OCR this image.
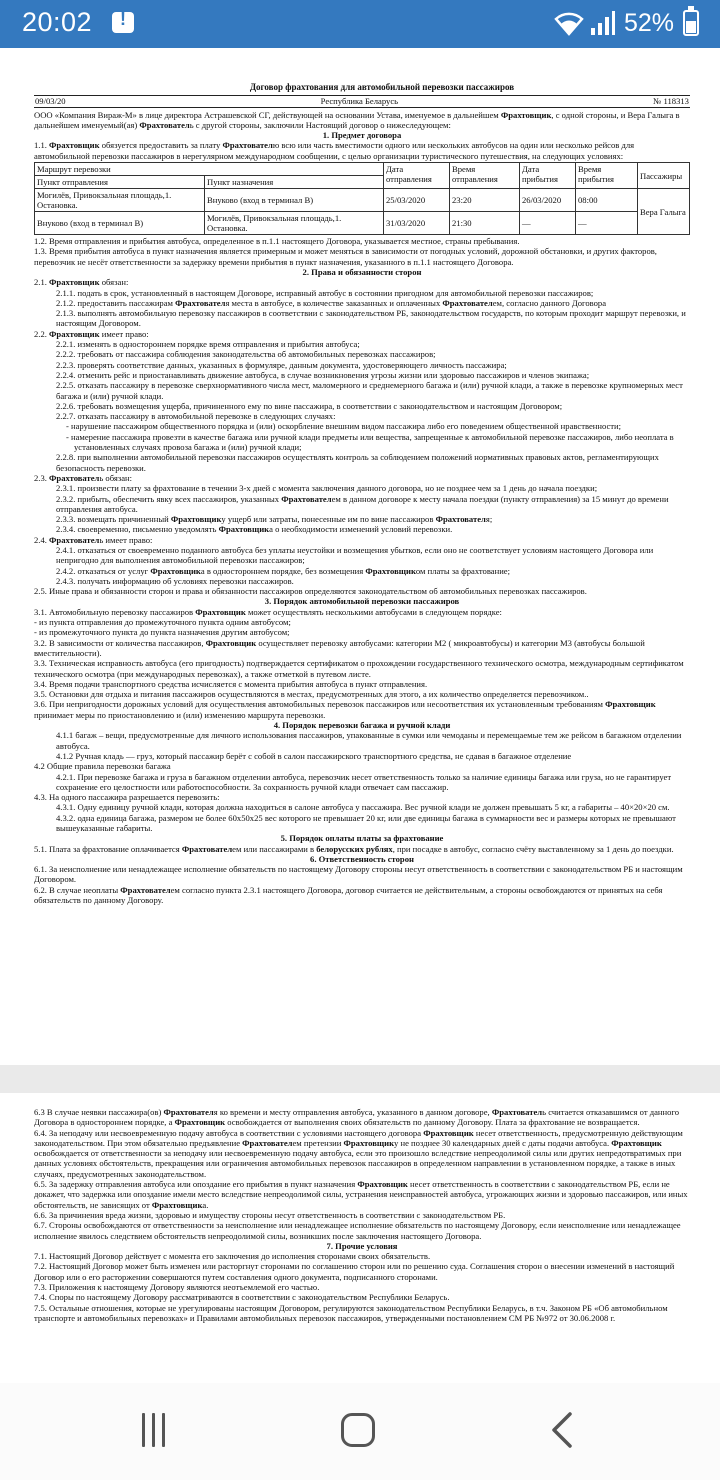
20:02 !	52%

Договор фрахтования для автомобильной перевозки пассажиров

09/03/20	Республика Беларусь	№ 118313

ООО «Компания Вираж-М» в лице директора Астрашевской СГ, действующей на основании Устава, именуемое в дальнейшем Фрахтовщик, с одной стороны, и Вера Галыга в дальнейшем именуемый(ая) Фрахтователь с другой стороны, заключили Настоящий договор о нижеследующем:

1. Предмет договора

1.1. Фрахтовщик обязуется предоставить за плату Фрахтователю всю или часть вместимости одного или нескольких автобусов на один или несколько рейсов для автомобильной перевозки пассажиров в нерегулярном международном сообщении, с целью организации туристического путешествия, на следующих условиях:

Маршрут перевозки		Дата отправления	Время отправления	Дата прибытия	Время прибытия	Пассажиры
Пункт отправления	Пункт назначения					
Могилёв, Привокзальная площадь,1. Остановка.	Внуково (вход в терминал В)	25/03/2020	23:20	26/03/2020	08:00	Вера Галыга
Внуково (вход в терминал В)	Могилёв, Привокзальная площадь,1. Остановка.	31/03/2020	21:30	—	—	

1.2. Время отправления и прибытия автобуса, определенное в п.1.1 настоящего Договора, указывается местное, страны пребывания.

1.3. Время прибытия автобуса в пункт назначения является примерным и может меняться в зависимости от погодных условий, дорожной обстановки, и других факторов, перевозчик не несёт ответственности за задержку времени прибытия в пункт назначения, указанного в п.1.1 настоящего Договора.

2. Права и обязанности сторон

2.1. Фрахтовщик обязан:

2.1.1. подать в срок, установленный в настоящем Договоре, исправный автобус в состоянии пригодном для автомобильной перевозки пассажиров;

2.1.2. предоставить пассажирам Фрахтователя места в автобусе, в количестве заказанных и оплаченных Фрахтователем, согласно данного Договора

2.1.3. выполнять автомобильную перевозку пассажиров в соответствии с законодательством РБ, законодательством государств, по которым проходит маршрут перевозки, и настоящим Договором.

2.2. Фрахтовщик имеет право:

2.2.1. изменять в одностороннем порядке время отправления и прибытия автобуса;

2.2.2. требовать от пассажира соблюдения законодательства об автомобильных перевозках пассажиров;

2.2.3. проверять соответствие данных, указанных в формуляре, данным документа, удостоверяющего личность пассажира;

2.2.4. отменить рейс и приостанавливать движение автобуса, в случае возникновения угрозы жизни или здоровью пассажиров и членов экипажа;

2.2.5. отказать пассажиру в перевозке сверхнормативного числа мест, маломерного и среднемерного багажа и (или) ручной клади, а также в перевозке крупномерных мест багажа и (или) ручной клади.

2.2.6. требовать возмещения ущерба, причиненного ему по вине пассажира, в соответствии с законодательством и настоящим Договором;

2.2.7. отказать пассажиру в автомобильной перевозке в следующих случаях:

- нарушение пассажиром общественного порядка и (или) оскорбление внешним видом пассажира либо его поведением общественной нравственности;

- намерение пассажира провезти в качестве багажа или ручной клади предметы или вещества, запрещенные к автомобильной перевозке пассажиров, либо неоплата в установленных случаях провоза багажа и (или) ручной клади;

2.2.8. при выполнении автомобильной перевозки пассажиров осуществлять контроль за соблюдением положений нормативных правовых актов, регламентирующих безопасность перевозки.

2.3. Фрахтователь обязан:

2.3.1. произвести плату за фрахтование в течении 3-х дней с момента заключения данного договора, но не позднее чем за 1 день до начала поездки;

2.3.2. прибыть, обеспечить явку всех пассажиров, указанных Фрахтователем в данном договоре к месту начала поездки (пункту отправления) за 15 минут до времени отправления автобуса.

2.3.3. возмещать причиненный Фрахтовщику ущерб или затраты, понесенные им по вине пассажиров Фрахтователя;

2.3.4. своевременно, письменно уведомлять Фрахтовщика о необходимости изменений условий перевозки.

2.4. Фрахтователь имеет право:

2.4.1. отказаться от своевременно поданного автобуса без уплаты неустойки и возмещения убытков, если оно не соответствует условиям настоящего Договора или непригодно для выполнения автомобильной перевозки пассажиров;

2.4.2. отказаться от услуг Фрахтовщика в одностороннем порядке, без возмещения Фрахтовщиком платы за фрахтование;

2.4.3. получать информацию об условиях перевозки пассажиров.

2.5. Иные права и обязанности сторон и права и обязанности пассажиров определяются законодательством об автомобильных перевозках пассажиров.

3. Порядок автомобильной перевозки пассажиров

3.1. Автомобильную перевозку пассажиров Фрахтовщик может осуществлять несколькими автобусами в следующем порядке:

- из пункта отправления до промежуточного пункта одним автобусом;

- из промежуточного пункта до пункта назначения другим автобусом;

3.2. В зависимости от количества пассажиров, Фрахтовщик осуществляет перевозку автобусами: категории М2 ( микроавтобусы) и категории М3 (автобусы большой вместительности).

3.3. Техническая исправность автобуса (его пригодность) подтверждается сертификатом о прохождении государственного технического осмотра, международным сертификатом технического осмотра (при международных перевозках), а также отметкой в путевом листе.

3.4. Время подачи транспортного средства исчисляется с момента прибытия автобуса в пункт отправления.

3.5. Остановки для отдыха и питания пассажиров осуществляются в местах, предусмотренных для этого, а их количество определяется перевозчиком..

3.6. При непригодности дорожных условий для осуществления автомобильных перевозок пассажиров или несоответствия их установленным требованиям Фрахтовщик принимает меры по приостановлению и (или) изменению маршрута перевозки.

4. Порядок перевозки багажа и ручной клади

4.1.1 багаж – вещи, предусмотренные для личного использования пассажиров, упакованные в сумки или чемоданы и перемещаемые тем же рейсом в багажном отделении автобуса.

4.1.2 Ручная кладь — груз, который пассажир берёт с собой в салон пассажирского транспортного средства, не сдавая в багажное отделение

4.2 Общие правила перевозки багажа

4.2.1. При перевозке багажа и груза в багажном отделении автобуса, перевозчик несет ответственность только за наличие единицы багажа или груза, но не гарантирует сохранение его целостности или работоспособности. За сохранность ручной клади отвечает сам пассажир.

4.3. На одного пассажира разрешается перевозить:

4.3.1. Одну единицу ручной клади, которая должна находиться в салоне автобуса у пассажира. Вес ручной клади не должен превышать 5 кг, а габариты – 40×20×20 см.

4.3.2. одна единица багажа, размером не более 60х50х25 вес которого не превышает 20 кг, или две единицы багажа в суммарности вес и размеры которых не превышают вышеуказанные габариты.

5. Порядок оплаты платы за фрахтование

5.1. Плата за фрахтование оплачивается Фрахтователем или пассажирами в белорусских рублях, при посадке в автобус, согласно счёту выставленному за 1 день до поездки.

6. Ответственность сторон

6.1. За неисполнение или ненадлежащее исполнение обязательств по настоящему Договору стороны несут ответственность в соответствии с законодательством РБ и настоящим Договором.

6.2. В случае неоплаты Фрахтователем согласно пункта 2.3.1 настоящего Договора, договор считается не действительным, а стороны освобождаются от принятых на себя обязательств по данному Договору.

6.3 В случае неявки пассажира(ов) Фрахтователя ко времени и месту отправления автобуса, указанного в данном договоре, Фрахтователь считается отказавшимся от данного Договора в одностороннем порядке, а Фрахтовщик освобождается от выполнения своих обязательств по данному Договору. Плата за фрахтование не возвращается.

6.4. За неподачу или несвоевременную подачу автобуса в соответствии с условиями настоящего договора Фрахтовщик несет ответственность, предусмотренную действующим законодательством. При этом обязательно предъявление Фрахтователем претензии Фрахтовщику не позднее 30 календарных дней с даты подачи автобуса. Фрахтовщик освобождается от ответственности за неподачу или несвоевременную подачу автобуса, если это произошло вследствие непреодолимой силы или других непредотвратимых при данных условиях обстоятельств, прекращения или ограничения автомобильных перевозок пассажиров в определенном направлении в установленном порядке, а также в иных случаях, предусмотренных законодательством.

6.5. За задержку отправления автобуса или опоздание его прибытия в пункт назначения Фрахтовщик несет ответственность в соответствии с законодательством РБ, если не докажет, что задержка или опоздание имели место вследствие непреодолимой силы, устранения неисправностей автобуса, угрожающих жизни и здоровью пассажиров, или иных обстоятельств, не зависящих от Фрахтовщика.

6.6. За причинения вреда жизни, здоровью и имуществу стороны несут ответственность в соответствии с законодательством РБ.

6.7. Стороны освобождаются от ответственности за неисполнение или ненадлежащее исполнение обязательств по настоящему Договору, если неисполнение или ненадлежащее исполнение явилось следствием обстоятельств непреодолимой силы, возникших после заключения настоящего Договора.

7. Прочие условия

7.1. Настоящий Договор действует с момента его заключения до исполнения сторонами своих обязательств.

7.2. Настоящий Договор может быть изменен или расторгнут сторонами по соглашению сторон или по решению суда. Соглашения сторон о внесении изменений в настоящий Договор или о его расторжении совершаются путем составления одного документа, подписанного сторонами.

7.3. Приложения к настоящему Договору являются неотъемлемой его частью.

7.4. Споры по настоящему Договору рассматриваются в соответствии с законодательством Республики Беларусь.

7.5. Остальные отношения, которые не урегулированы настоящим Договором, регулируются законодательством Республики Беларусь, в т.ч. Законом РБ «Об автомобильном транспорте и автомобильных перевозках» и Правилами автомобильных перевозок пассажиров, утвержденными постановлением СМ РБ №972 от 30.06.2008 г.
